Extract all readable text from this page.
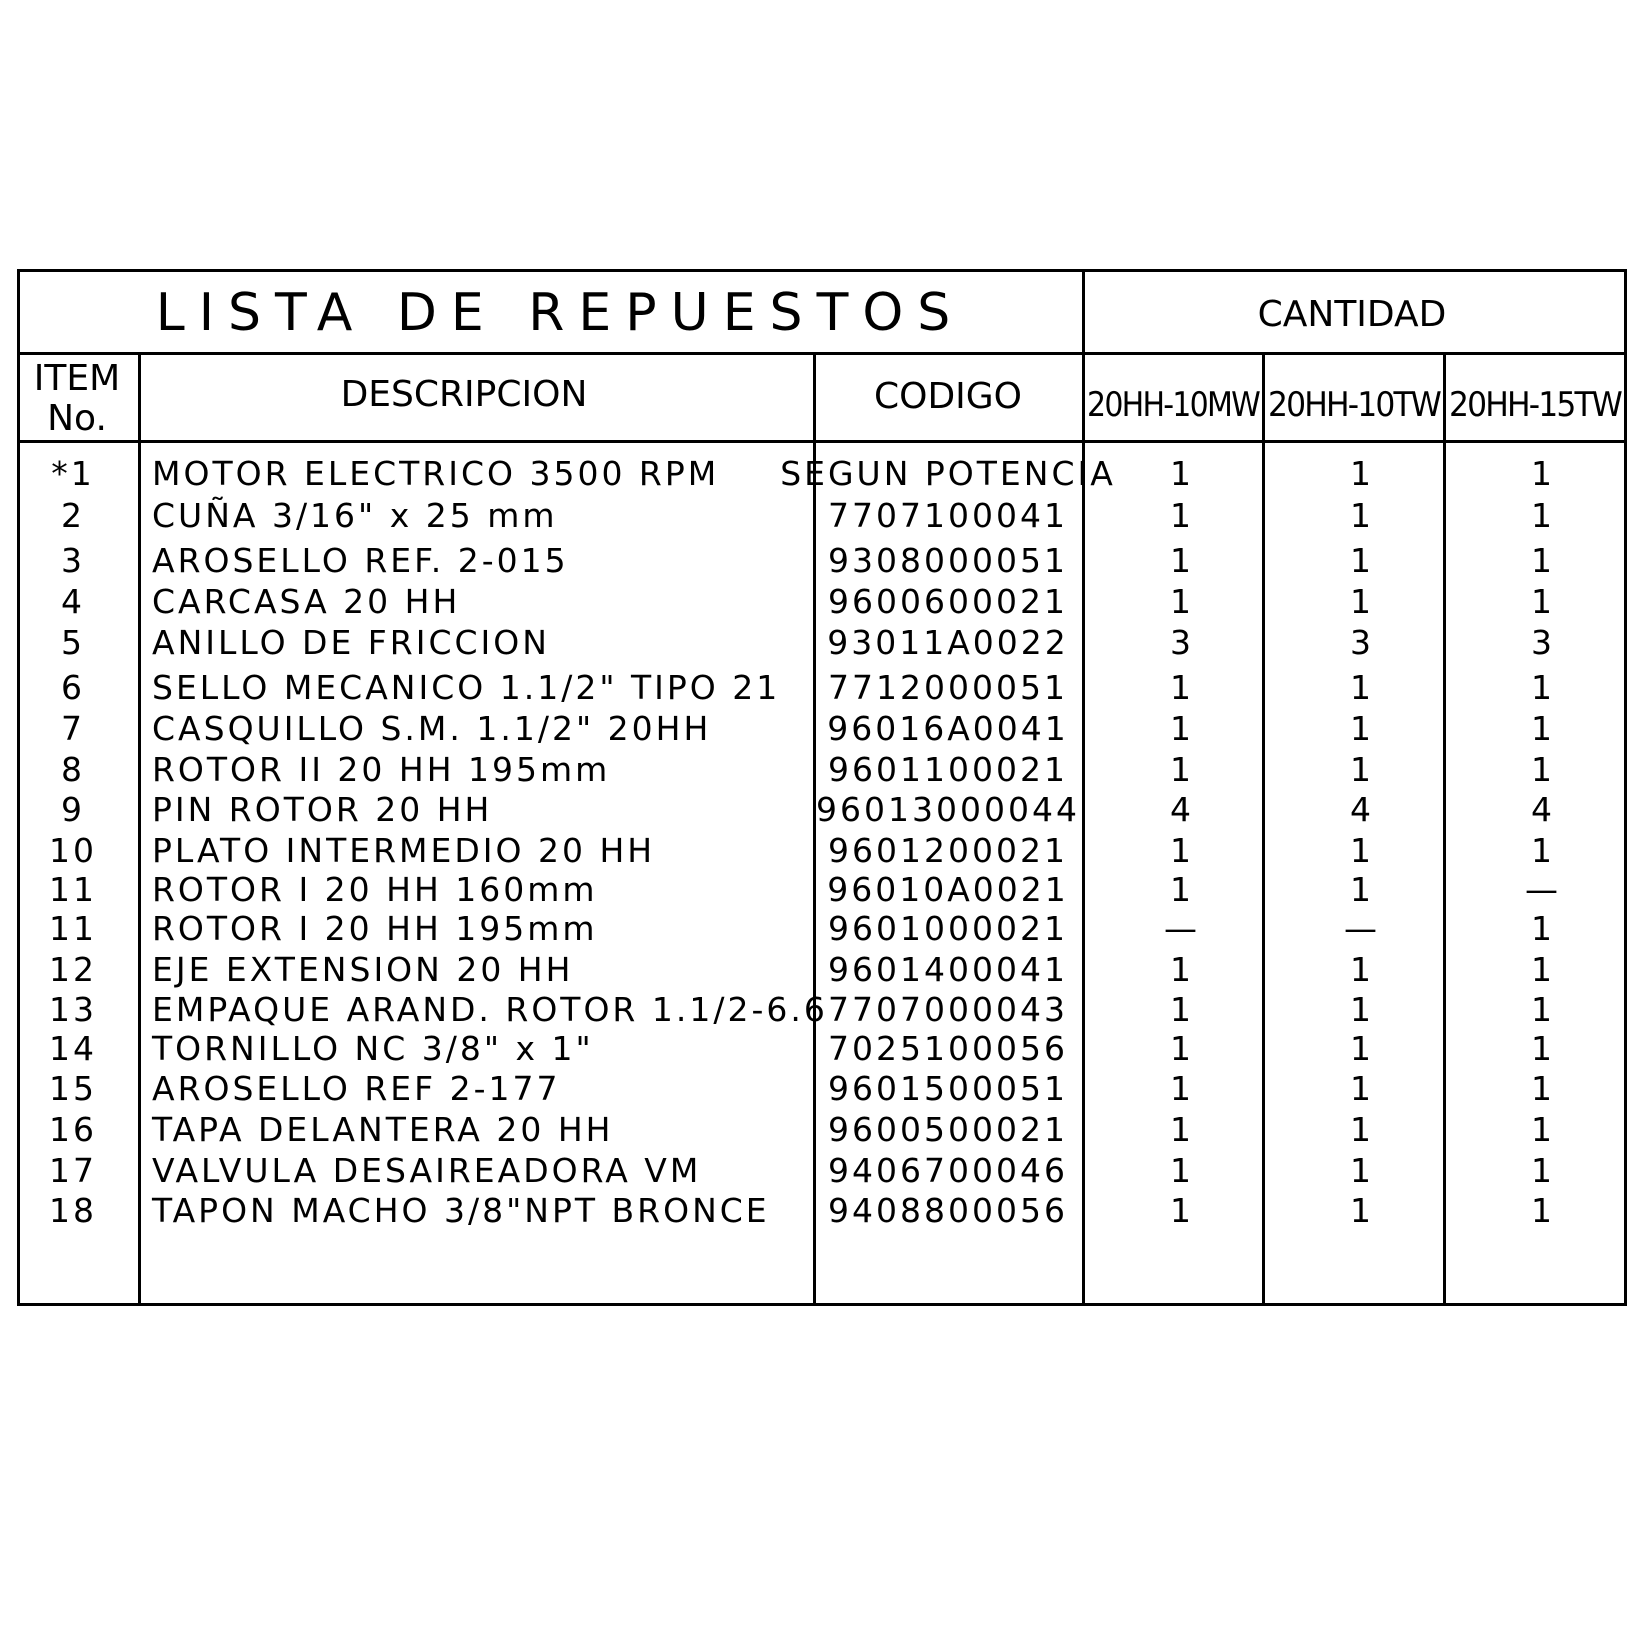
LISTA DE REPUESTOS	CANTIDAD
ITEM
No.
DESCRIPCION	CODIGO 20HH-10MW 20HH-10TW 20HH-15TW
*1 MOTOR ELECTRICO 3500 RPM SEGUN POTENCIA 1	1	1
2 CUÑA 3/16" x 25 mm	7707100041	1	1	1
3 AROSELLO REF. 2-015	9308000051	1	1	1
4 CARCASA 20 HH	9600600021	1	1	1
5 ANILLO DE FRICCION	93011A0022	3	3	3
6 SELLO MECANICO 1.1/2" TIPO 21 7712000051	1	1	1
7 CASQUILLO S.M. 1.1/2" 20HH	96016A0041	1	1	1
8 ROTOR II 20 HH 195mm	9601100021	1	1	1
9 PIN ROTOR 20 HH	96013000044	4	4	4
10 PLATO INTERMEDIO 20 HH	9601200021	1	1	1
11 ROTOR I 20 HH 160mm	96010A0021	1	1	—
11 ROTOR I 20 HH 195mm	9601000021	—	—	1
12 EJE EXTENSION 20 HH	9601400041	1	1	1
13 EMPAQUE ARAND. ROTOR 1.1/2-6.6 7707000043	1	1	1
14 TORNILLO NC 3/8" x 1"	7025100056	1	1	1
15 AROSELLO REF 2-177	9601500051	1	1	1
16 TAPA DELANTERA 20 HH	9600500021	1	1	1
17 VALVULA DESAIREADORA VM	9406700046	1	1	1
18 TAPON MACHO 3/8"NPT BRONCE 9408800056	1	1	1
